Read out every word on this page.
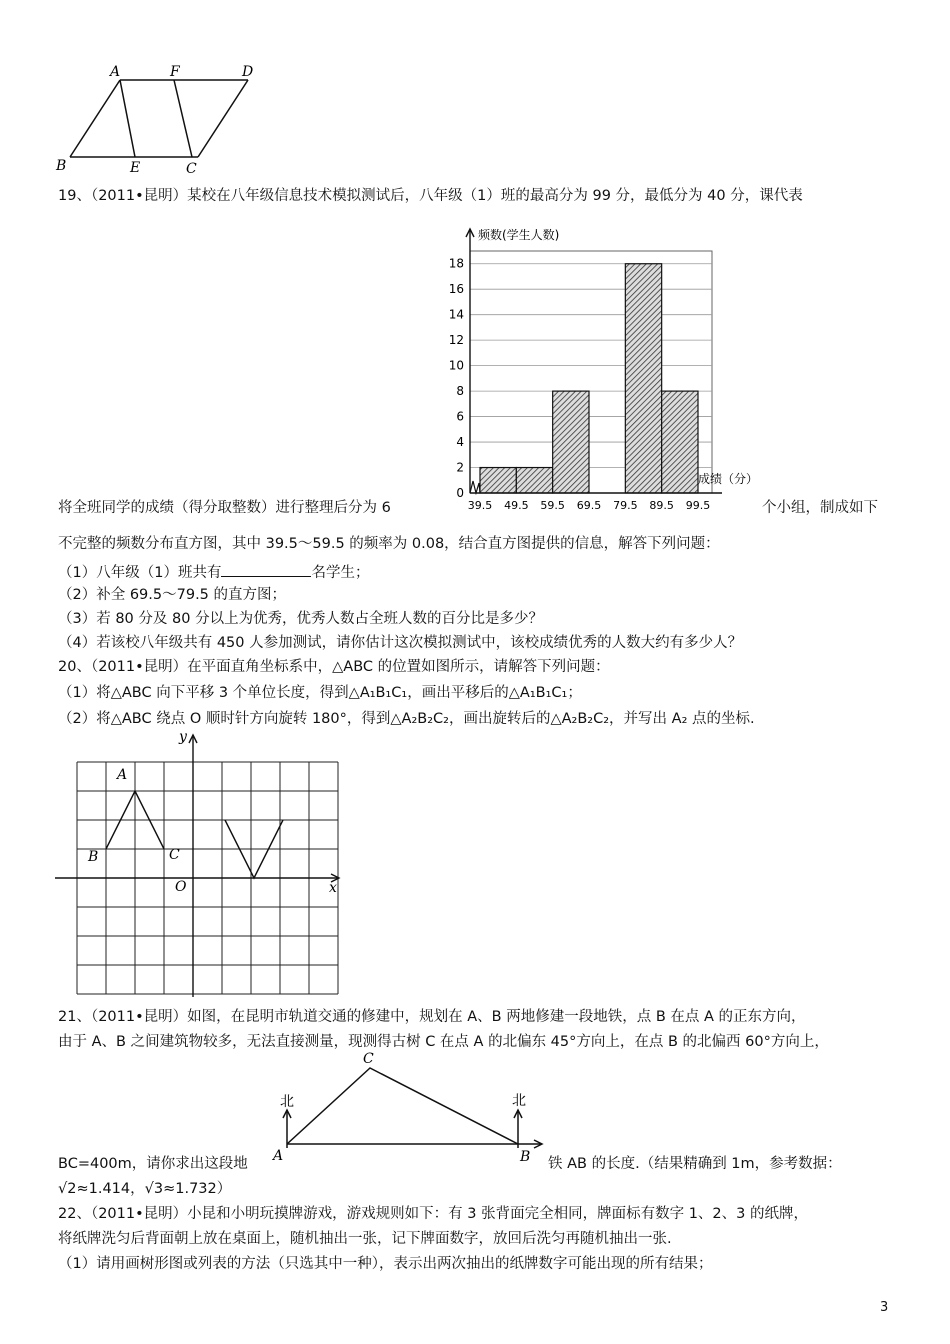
A	F	D
B	E	C
19、（2011•昆明）某校在八年级信息技术模拟测试后，八年级（1）班的最高分为 99 分，最低分为 40 分，课代表
0
2
4
6
8
10
12
14
16
18
39.5 49.5 59.5 69.5 79.5 89.5 99.5
频数(学生人数)
成绩（分）
将全班同学的成绩（得分取整数）进行整理后分为 6	个小组，制成如下
不完整的频数分布直方图，其中 39.5～59.5 的频率为 0.08，结合直方图提供的信息，解答下列问题：
（1）八年级（1）班共有	名学生；
（2）补全 69.5～79.5 的直方图；
（3）若 80 分及 80 分以上为优秀，优秀人数占全班人数的百分比是多少？
（4）若该校八年级共有 450 人参加测试，请你估计这次模拟测试中，该校成绩优秀的人数大约有多少人？
20、（2011•昆明）在平面直角坐标系中，△ABC 的位置如图所示，请解答下列问题：
（1）将△ABC 向下平移 3 个单位长度，得到△A₁B₁C₁，画出平移后的△A₁B₁C₁；
（2）将△ABC 绕点 O 顺时针方向旋转 180°，得到△A₂B₂C₂，画出旋转后的△A₂B₂C₂，并写出 A₂ 点的坐标.
y
x
A
B	C
O
21、（2011•昆明）如图，在昆明市轨道交通的修建中，规划在 A、B 两地修建一段地铁，点 B 在点 A 的正东方向，
由于 A、B 之间建筑物较多，无法直接测量，现测得古树 C 在点 A 的北偏东 45°方向上，在点 B 的北偏西 60°方向上，
北	北
C
A	B
BC=400m，请你求出这段地	铁 AB 的长度.（结果精确到 1m，参考数据：
√2≈1.414，√3≈1.732）
22、（2011•昆明）小昆和小明玩摸牌游戏，游戏规则如下：有 3 张背面完全相同，牌面标有数字 1、2、3 的纸牌，
将纸牌洗匀后背面朝上放在桌面上，随机抽出一张，记下牌面数字，放回后洗匀再随机抽出一张.
（1）请用画树形图或列表的方法（只选其中一种），表示出两次抽出的纸牌数字可能出现的所有结果；
3
